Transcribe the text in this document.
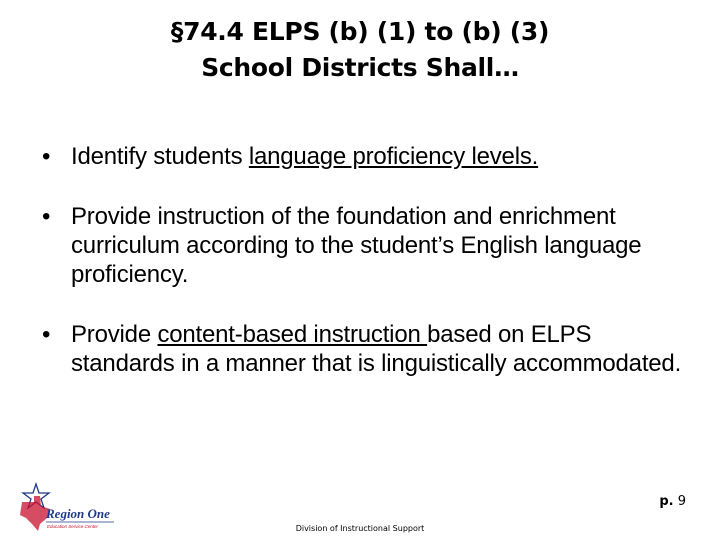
§74.4 ELPS (b) (1) to (b) (3)
School Districts Shall…
• Identify students language proficiency levels.
• Provide instruction of the foundation and enrichment curriculum according to the student’s English language proficiency.
• Provide content-based instruction based on ELPS standards in a manner that is linguistically accommodated.
Region One
Education Service Center
p. 9
Division of Instructional Support
